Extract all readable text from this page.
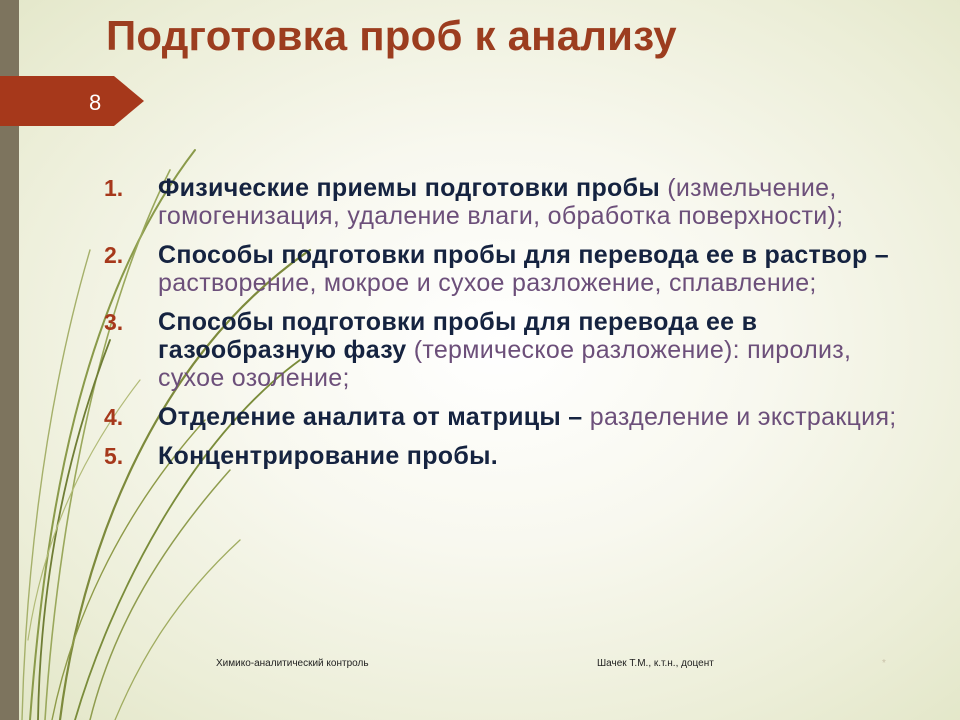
Подготовка проб к анализу
8
1.	Физические приемы подготовки пробы (измельчение, гомогенизация, удаление влаги, обработка поверхности);
2.	Способы подготовки пробы для перевода ее в раствор – растворение, мокрое и сухое разложение, сплавление;
3.	Способы подготовки пробы для перевода ее в газообразную фазу (термическое разложение): пиролиз, сухое озоление;
4.	Отделение аналита от матрицы – разделение и экстракция;
5.	Концентрирование пробы.
Химико-аналитический контроль	Шачек Т.М., к.т.н., доцент	*
